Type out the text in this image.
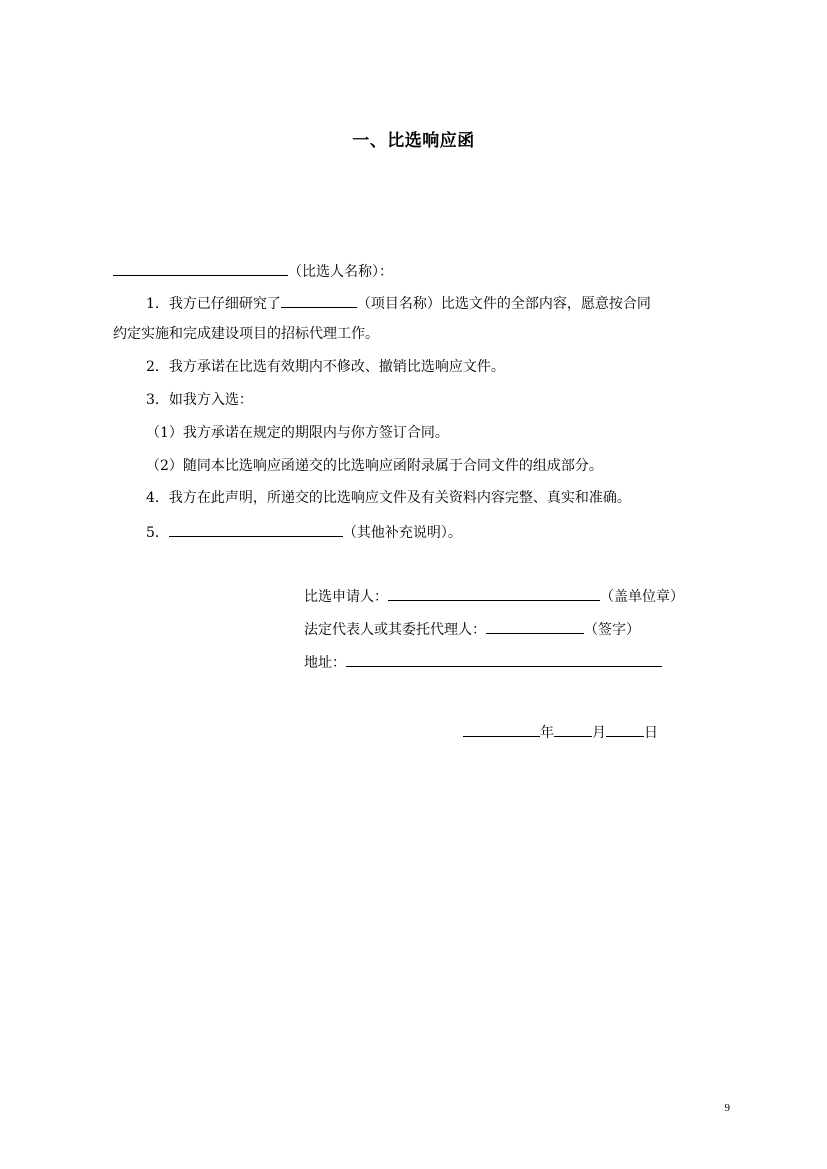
一、比选响应函
（比选人名称）：
1．我方已仔细研究了	（项目名称）比选文件的全部内容，愿意按合同
约定实施和完成建设项目的招标代理工作。
2．我方承诺在比选有效期内不修改、撤销比选响应文件。
3．如我方入选：
（1）我方承诺在规定的期限内与你方签订合同。
（2）随同本比选响应函递交的比选响应函附录属于合同文件的组成部分。
4．我方在此声明，所递交的比选响应文件及有关资料内容完整、真实和准确。
5．	（其他补充说明）。
比选申请人：	（盖单位章）
法定代表人或其委托代理人：	（签字）
地址：
年	月	日
9
